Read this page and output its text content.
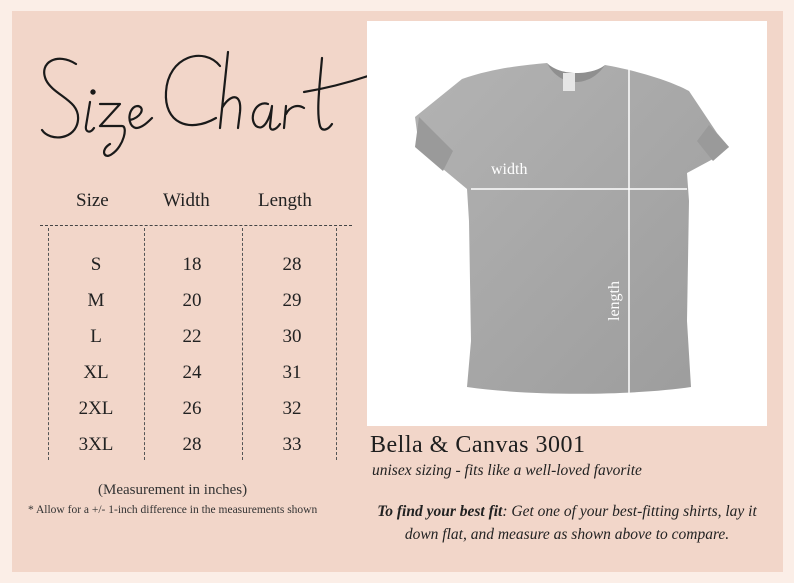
Size	Width	Length
S	18	28
M	20	29
L	22	30
XL	24	31
2XL	26	32
3XL	28	33
(Measurement in inches)
* Allow for a +/- 1-inch difference in the measurements shown
width
length
Bella & Canvas 3001
unisex sizing - fits like a well-loved favorite
To find your best fit: Get one of your best-fitting shirts, lay it down flat, and measure as shown above to compare.
